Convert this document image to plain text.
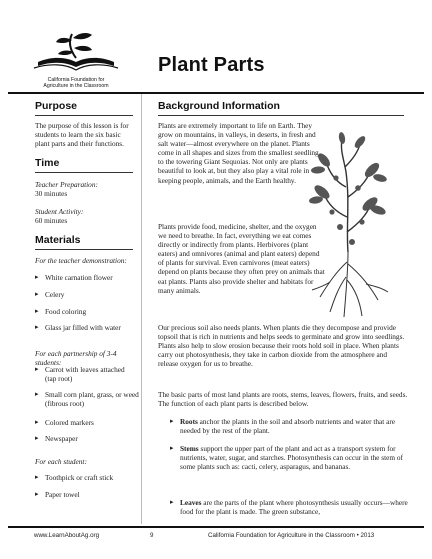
California Foundation for
Agriculture in the Classroom
Plant Parts
Purpose
The purpose of this lesson is for students to learn the six basic plant parts and their functions.
Time
Teacher Preparation:
30 minutes
Student Activity:
60 minutes
Materials
For the teacher demonstration:
▸ White carnation flower
▸ Celery
▸ Food coloring
▸ Glass jar filled with water
For each partnership of 3-4 students:
▸ Carrot with leaves attached (tap root)
▸ Small corn plant, grass, or weed (fibrous root)
▸ Colored markers
▸ Newspaper
For each student:
▸ Toothpick or craft stick
▸ Paper towel
Background Information
Plants are extremely important to life on Earth. They grow on mountains, in valleys, in deserts, in fresh and salt water—almost everywhere on the planet. Plants come in all shapes and sizes from the smallest seedling to the towering Giant Sequoias. Not only are plants beautiful to look at, but they also play a vital role in keeping people, animals, and the Earth healthy.
Plants provide food, medicine, shelter, and the oxygen we need to breathe. In fact, everything we eat comes directly or indirectly from plants. Herbivores (plant eaters) and omnivores (animal and plant eaters) depend of plants for survival. Even carnivores (meat eaters) depend on plants because they often prey on animals that eat plants. Plants also provide shelter and habitats for many animals.
Our precious soil also needs plants. When plants die they decompose and provide topsoil that is rich in nutrients and helps seeds to germinate and grow into seedlings. Plants also help to slow erosion because their roots hold soil in place. When plants carry out photosynthesis, they take in carbon dioxide from the atmosphere and release oxygen for us to breathe.
The basic parts of most land plants are roots, stems, leaves, flowers, fruits, and seeds. The function of each plant parts is described below.
▸ Roots anchor the plants in the soil and absorb nutrients and water that are needed by the rest of the plant.
▸ Stems support the upper part of the plant and act as a transport system for nutrients, water, sugar, and starches. Photosynthesis can occur in the stem of some plants such as: cacti, celery, asparagus, and bananas.
▸ Leaves are the parts of the plant where photosynthesis usually occurs—where food for the plant is made. The green substance,
www.LearnAboutAg.org	9	California Foundation for Agriculture in the Classroom • 2013
